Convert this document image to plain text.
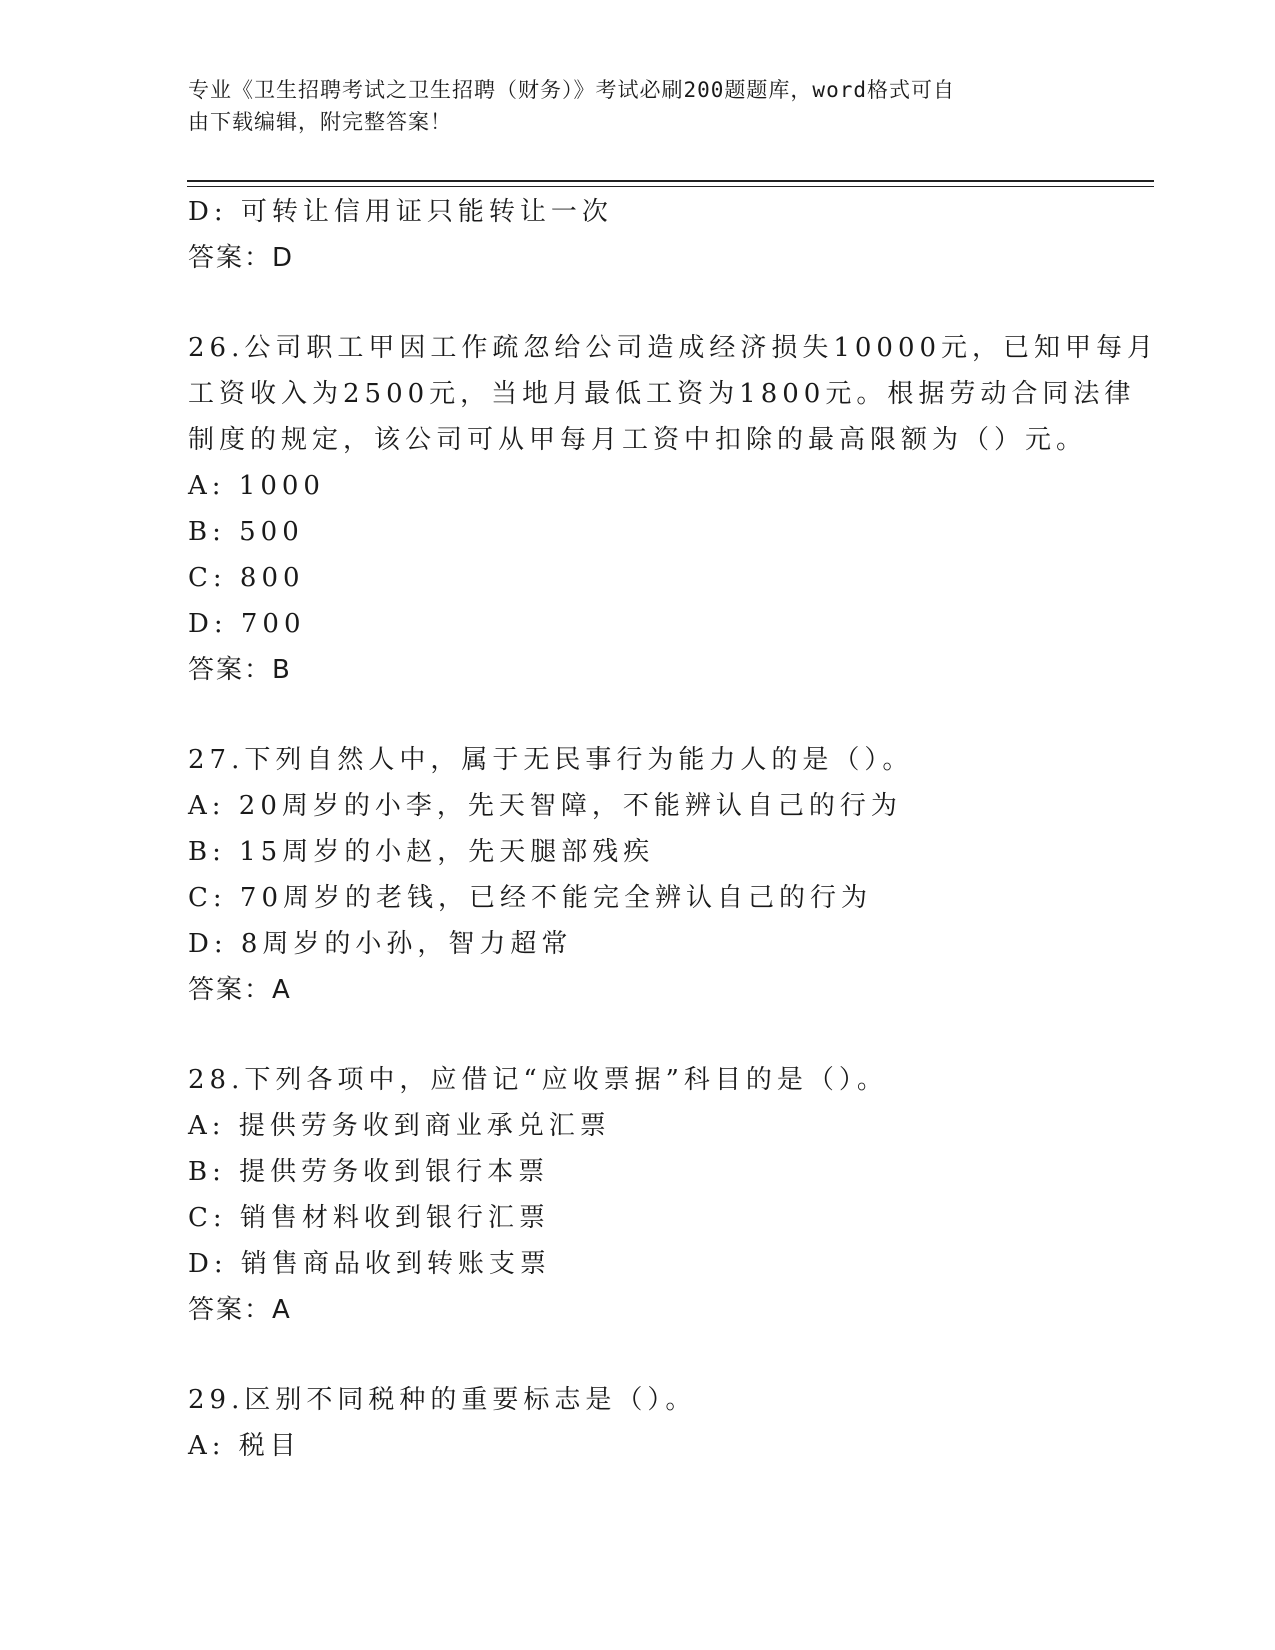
专业《卫生招聘考试之卫生招聘（财务）》考试必刷200题题库，word格式可自
由下载编辑，附完整答案！
D: 可转让信用证只能转让一次
答案：D
26.公司职工甲因工作疏忽给公司造成经济损失10000元，已知甲每月
工资收入为2500元，当地月最低工资为1800元。根据劳动合同法律
制度的规定，该公司可从甲每月工资中扣除的最高限额为（）元。
A: 1000
B: 500
C: 800
D: 700
答案：B
27.下列自然人中，属于无民事行为能力人的是（）。
A: 20周岁的小李，先天智障，不能辨认自己的行为
B: 15周岁的小赵，先天腿部残疾
C: 70周岁的老钱，已经不能完全辨认自己的行为
D: 8周岁的小孙，智力超常
答案：A
28.下列各项中，应借记“应收票据”科目的是（）。
A: 提供劳务收到商业承兑汇票
B: 提供劳务收到银行本票
C: 销售材料收到银行汇票
D: 销售商品收到转账支票
答案：A
29.区别不同税种的重要标志是（）。
A: 税目
